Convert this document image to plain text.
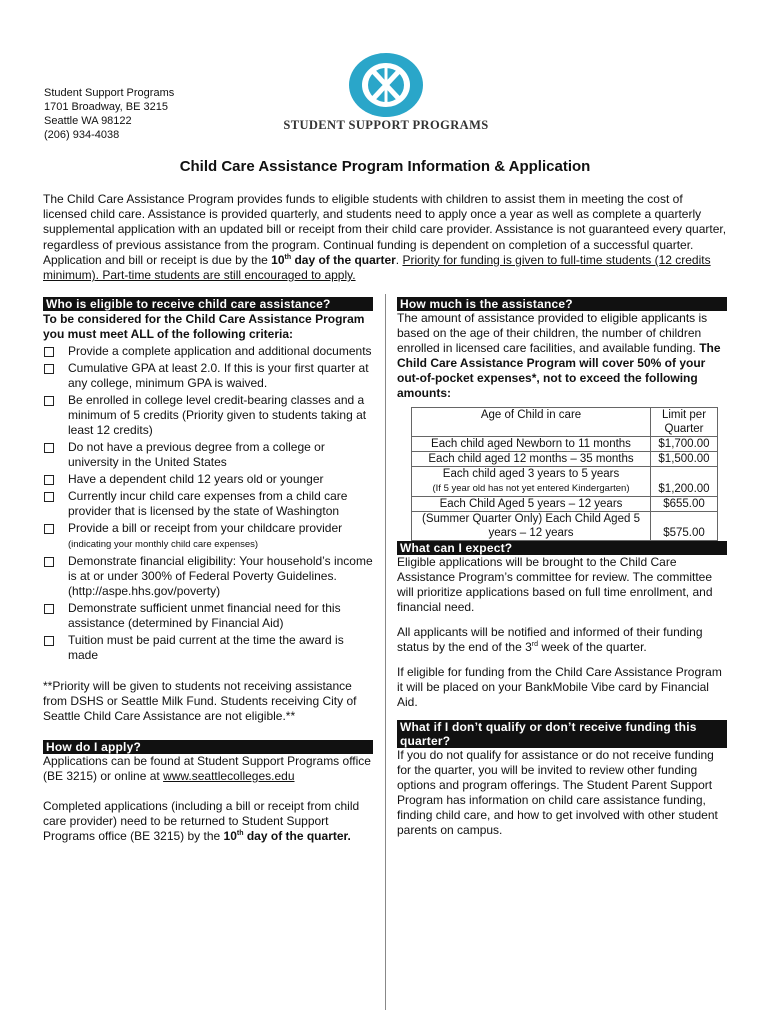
Student Support Programs
1701 Broadway, BE 3215
Seattle WA 98122
(206) 934-4038
STUDENT SUPPORT PROGRAMS
Child Care Assistance Program Information & Application
The Child Care Assistance Program provides funds to eligible students with children to assist them in meeting the cost of licensed child care. Assistance is provided quarterly, and students need to apply once a year as well as complete a quarterly supplemental application with an updated bill or receipt from their child care provider. Assistance is not guaranteed every quarter, regardless of previous assistance from the program. Continual funding is dependent on completion of a successful quarter. Application and bill or receipt is due by the 10th day of the quarter. Priority for funding is given to full-time students (12 credits minimum). Part-time students are still encouraged to apply.
Who is eligible to receive child care assistance?
To be considered for the Child Care Assistance Program you must meet ALL of the following criteria:
Provide a complete application and additional documents
Cumulative GPA at least 2.0. If this is your first quarter at any college, minimum GPA is waived.
Be enrolled in college level credit-bearing classes and a minimum of 5 credits (Priority given to students taking at least 12 credits)
Do not have a previous degree from a college or university in the United States
Have a dependent child 12 years old or younger
Currently incur child care expenses from a child care provider that is licensed by the state of Washington
Provide a bill or receipt from your childcare provider
(indicating your monthly child care expenses)
Demonstrate financial eligibility: Your household’s income is at or under 300% of Federal Poverty Guidelines. (http://aspe.hhs.gov/poverty)
Demonstrate sufficient unmet financial need for this assistance (determined by Financial Aid)
Tuition must be paid current at the time the award is made
**Priority will be given to students not receiving assistance from DSHS or Seattle Milk Fund. Students receiving City of Seattle Child Care Assistance are not eligible.**
How do I apply?
Applications can be found at Student Support Programs office (BE 3215) or online at www.seattlecolleges.edu
Completed applications (including a bill or receipt from child care provider) need to be returned to Student Support Programs office (BE 3215) by the 10th day of the quarter.
How much is the assistance?
The amount of assistance provided to eligible applicants is based on the age of their children, the number of children enrolled in licensed care facilities, and available funding. The Child Care Assistance Program will cover 50% of your out-of-pocket expenses*, not to exceed the following amounts:
Age of Child in care	Limit per Quarter
Each child aged Newborn to 11 months	$1,700.00
Each child aged 12 months – 35 months	$1,500.00
Each child aged 3 years to 5 years
(If 5 year old has not yet entered Kindergarten)	$1,200.00
Each Child Aged 5 years – 12 years	$655.00
(Summer Quarter Only) Each Child Aged 5 years – 12 years	$575.00
What can I expect?
Eligible applications will be brought to the Child Care Assistance Program’s committee for review. The committee will prioritize applications based on full time enrollment, and financial need.
All applicants will be notified and informed of their funding status by the end of the 3rd week of the quarter.
If eligible for funding from the Child Care Assistance Program it will be placed on your BankMobile Vibe card by Financial Aid.
What if I don’t qualify or don’t receive funding this quarter?
If you do not qualify for assistance or do not receive funding for the quarter, you will be invited to review other funding options and program offerings. The Student Parent Support Program has information on child care assistance funding, finding child care, and how to get involved with other student parents on campus.
